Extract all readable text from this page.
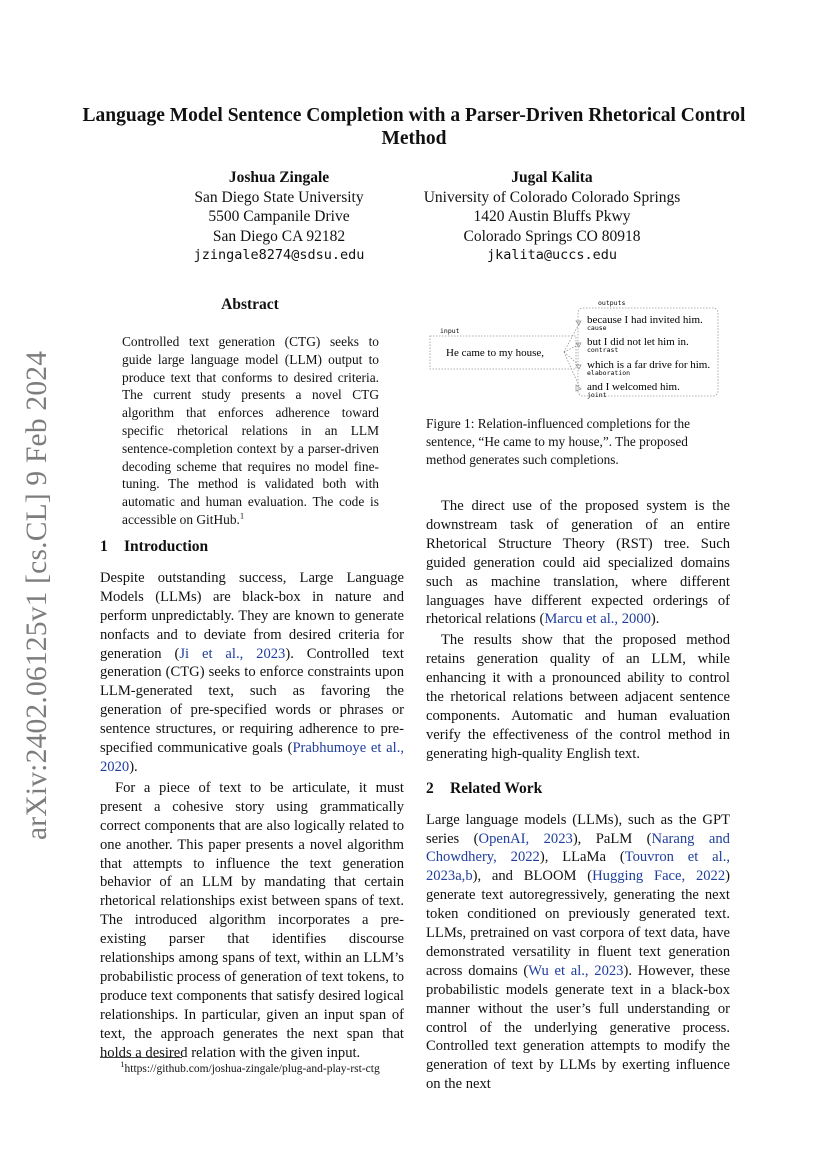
arXiv:2402.06125v1 [cs.CL] 9 Feb 2024
Language Model Sentence Completion with a Parser-Driven Rhetorical Control Method
Joshua Zingale
San Diego State University
5500 Campanile Drive
San Diego CA 92182
jzingale8274@sdsu.edu
Jugal Kalita
University of Colorado Colorado Springs
1420 Austin Bluffs Pkwy
Colorado Springs CO 80918
jkalita@uccs.edu
Abstract
Controlled text generation (CTG) seeks to guide large language model (LLM) output to produce text that conforms to desired criteria. The current study presents a novel CTG algorithm that enforces adherence toward specific rhetorical relations in an LLM sentence-completion context by a parser-driven decoding scheme that requires no model fine-tuning. The method is validated both with automatic and human evaluation. The code is accessible on GitHub.$^1$
1 Introduction

Despite outstanding success, Large Language Models (LLMs) are black-box in nature and perform unpredictably. They are known to generate nonfacts and to deviate from desired criteria for generation (Ji et al., 2023). Controlled text generation (CTG) seeks to enforce constraints upon LLM-generated text, such as favoring the generation of pre-specified words or phrases or sentence structures, or requiring adherence to pre-specified communicative goals (Prabhumoye et al., 2020).

For a piece of text to be articulate, it must present a cohesive story using grammatically correct components that are also logically related to one another. This paper presents a novel algorithm that attempts to influence the text generation behavior of an LLM by mandating that certain rhetorical relationships exist between spans of text. The introduced algorithm incorporates a pre-existing parser that identifies discourse relationships among spans of text, within an LLM’s probabilistic process of generation of text tokens, to produce text components that satisfy desired logical relationships. In particular, given an input span of text, the approach generates the next span that holds a desired relation with the given input.

$^1$https://github.com/joshua-zingale/plug-and-play-rst-ctg
input
He came to my house,
outputs
because I had invited him.
cause
but I did not let him in.
contrast
which is a far drive for him.
elaboration
and I welcomed him.
joint
Figure 1: Relation-influenced completions for the sentence, “He came to my house,”. The proposed method generates such completions.

The direct use of the proposed system is the downstream task of generation of an entire Rhetorical Structure Theory (RST) tree. Such guided generation could aid specialized domains such as machine translation, where different languages have different expected orderings of rhetorical relations (Marcu et al., 2000).

The results show that the proposed method retains generation quality of an LLM, while enhancing it with a pronounced ability to control the rhetorical relations between adjacent sentence components. Automatic and human evaluation verify the effectiveness of the control method in generating high-quality English text.

2 Related Work

Large language models (LLMs), such as the GPT series (OpenAI, 2023), PaLM (Narang and Chowdhery, 2022), LLaMa (Touvron et al., 2023a,b), and BLOOM (Hugging Face, 2022) generate text autoregressively, generating the next token conditioned on previously generated text. LLMs, pretrained on vast corpora of text data, have demonstrated versatility in fluent text generation across domains (Wu et al., 2023). However, these probabilistic models generate text in a black-box manner without the user’s full understanding or control of the underlying generative process. Controlled text generation attempts to modify the generation of text by LLMs by exerting influence on the next
